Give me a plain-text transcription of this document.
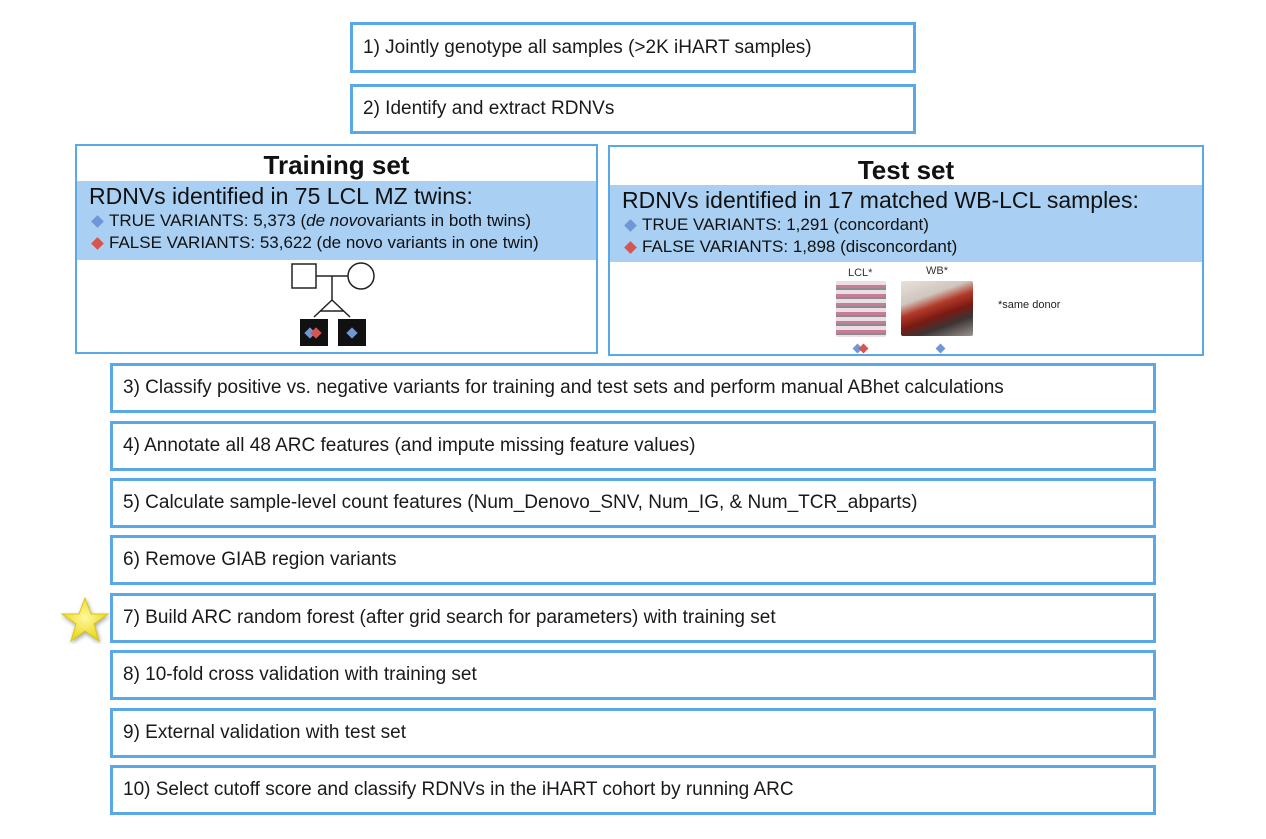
1) Jointly genotype all samples (>2K iHART samples)
2) Identify and extract RDNVs
Training set
RDNVs identified in 75 LCL MZ twins:
TRUE VARIANTS: 5,373 ( de novo variants in both twins)
FALSE VARIANTS: 53,622 (de novo variants in one twin)
Test set
RDNVs identified in 17 matched WB-LCL samples:
TRUE VARIANTS: 1,291 (concordant)
FALSE VARIANTS: 1,898 (disconcordant)
LCL*	WB*
*same donor
3) Classify positive vs. negative variants for training and test sets and perform manual ABhet calculations
4) Annotate all 48 ARC features (and impute missing feature values)
5) Calculate sample-level count features (Num_Denovo_SNV, Num_IG, & Num_TCR_abparts)
6) Remove GIAB region variants
7) Build ARC random forest (after grid search for parameters) with training set
8) 10-fold cross validation with training set
9) External validation with test set
10) Select cutoff score and classify RDNVs in the iHART cohort by running ARC
